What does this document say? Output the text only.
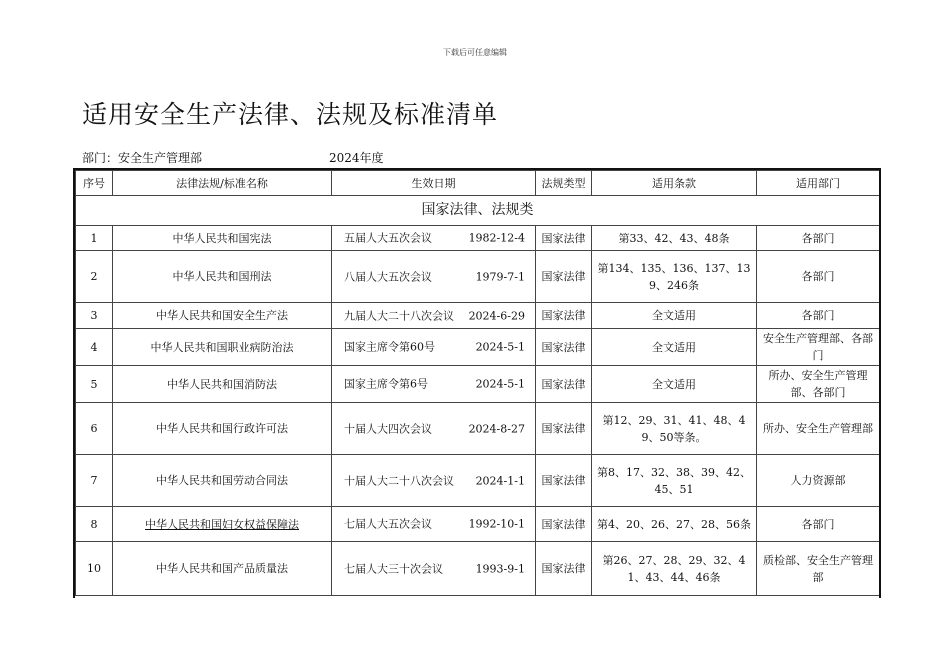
下载后可任意编辑
适用安全生产法律、法规及标准清单
部门：安全生产管理部	2024年度
序号	法律法规/标准名称	生效日期	法规类型	适用条款	适用部门
国家法律、法规类					
1	中华人民共和国宪法	五届人大五次会议 1982-12-4	国家法律	第33、42、43、48条	各部门
2	中华人民共和国刑法	八届人大五次会议 1979-7-1	国家法律	第134、135、136、137、139、246条	各部门
3	中华人民共和国安全生产法	九届人大二十八次会议 2024-6-29	国家法律	全文适用	各部门
4	中华人民共和国职业病防治法	国家主席令第60号 2024-5-1	国家法律	全文适用	安全生产管理部、各部门
5	中华人民共和国消防法	国家主席令第6号 2024-5-1	国家法律	全文适用	所办、安全生产管理部、各部门
6	中华人民共和国行政许可法	十届人大四次会议 2024-8-27	国家法律	第12、29、31、41、48、49、50等条。	所办、安全生产管理部
7	中华人民共和国劳动合同法	十届人大二十八次会议 2024-1-1	国家法律	第8、17、32、38、39、42、45、51	人力资源部
8	中华人民共和国妇女权益保障法	七届人大五次会议 1992-10-1	国家法律	第4、20、26、27、28、56条	各部门
10	中华人民共和国产品质量法	七届人大三十次会议 1993-9-1	国家法律	第26、27、28、29、32、41、43、44、46条	质检部、安全生产管理部
